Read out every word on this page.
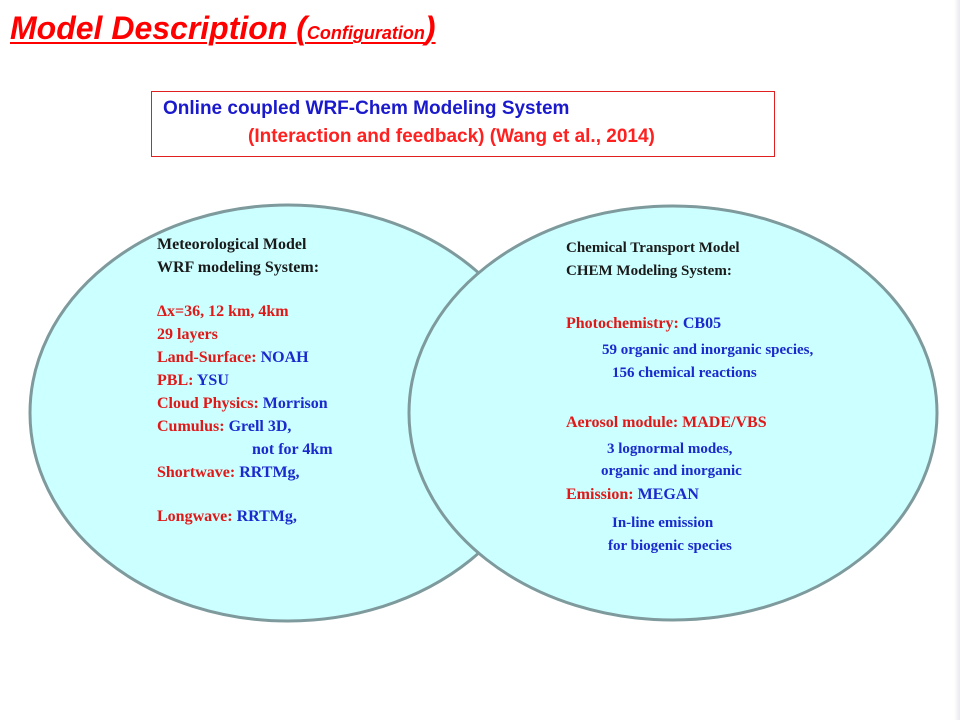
Model Description (Configuration)
Online coupled WRF-Chem Modeling System
(Interaction and feedback) (Wang et al., 2014)
Meteorological Model
WRF modeling System:
Δx=36, 12 km, 4km
29 layers
Land-Surface: NOAH
PBL: YSU
Cloud Physics: Morrison
Cumulus: Grell 3D,
not for 4km
Shortwave: RRTMg,
Longwave: RRTMg,
Chemical Transport Model
CHEM Modeling System:
Photochemistry: CB05
59 organic and inorganic species,
156 chemical reactions
Aerosol module: MADE/VBS
3 lognormal modes,
organic and inorganic
Emission: MEGAN
In-line emission
for biogenic species
